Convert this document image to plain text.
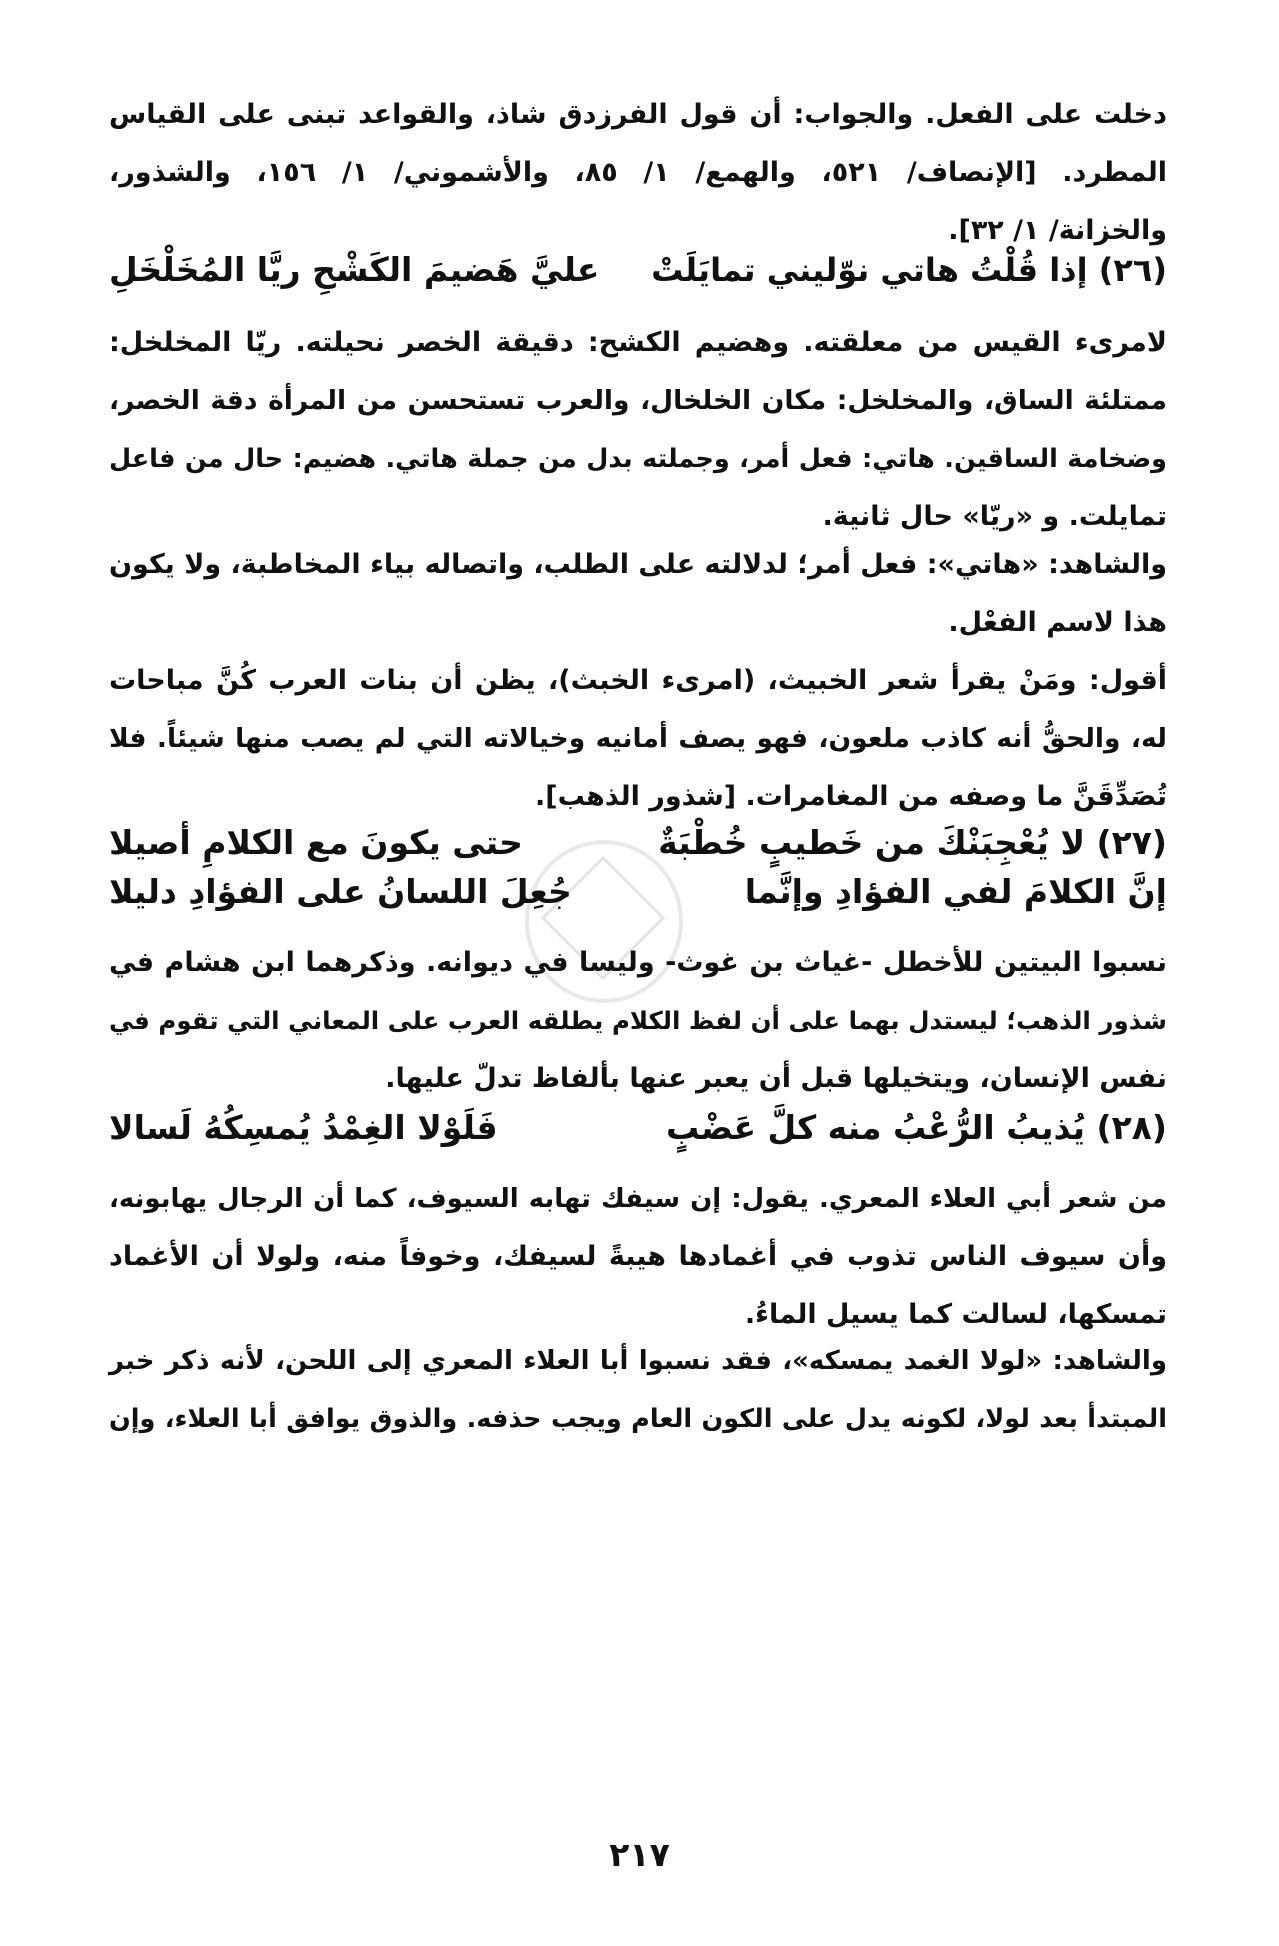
دخلت على الفعل. والجواب: أن قول الفرزدق شاذ، والقواعد تبنى على القياس
المطرد. [الإنصاف/ ٥٢١، والهمع/ ١/ ٨٥، والأشموني/ ١/ ١٥٦، والشذور،
والخزانة/ ١/ ٣٢].
(٢٦) إذا قُلْتُ هاتي نوّليني تمايَلَتْ
عليَّ هَضيمَ الكَشْحِ ريَّا المُخَلْخَلِ
لامرىء القيس من معلقته. وهضيم الكشح: دقيقة الخصر نحيلته. ريّا المخلخل:
ممتلئة الساق، والمخلخل: مكان الخلخال، والعرب تستحسن من المرأة دقة الخصر،
وضخامة الساقين. هاتي: فعل أمر، وجملته بدل من جملة هاتي. هضيم: حال من فاعل
تمايلت. و «ريّا» حال ثانية.
والشاهد: «هاتي»: فعل أمر؛ لدلالته على الطلب، واتصاله بياء المخاطبة، ولا يكون
هذا لاسم الفعْل.
أقول: ومَنْ يقرأ شعر الخبيث، (امرىء الخبث)، يظن أن بنات العرب كُنَّ مباحات
له، والحقُّ أنه كاذب ملعون، فهو يصف أمانيه وخيالاته التي لم يصب منها شيئاً. فلا
تُصَدِّقَنَّ ما وصفه من المغامرات. [شذور الذهب].
(٢٧) لا يُعْجِبَنْكَ من خَطيبٍ خُطْبَةٌ
حتى يكونَ مع الكلامِ أصيلا
إنَّ الكلامَ لفي الفؤادِ وإنَّما
جُعِلَ اللسانُ على الفؤادِ دليلا
نسبوا البيتين للأخطل -غياث بن غوث- وليسا في ديوانه. وذكرهما ابن هشام في
شذور الذهب؛ ليستدل بهما على أن لفظ الكلام يطلقه العرب على المعاني التي تقوم في
نفس الإنسان، ويتخيلها قبل أن يعبر عنها بألفاظ تدلّ عليها.
(٢٨) يُذيبُ الرُّعْبُ منه كلَّ عَضْبٍ
فَلَوْلا الغِمْدُ يُمسِكُهُ لَسالا
من شعر أبي العلاء المعري. يقول: إن سيفك تهابه السيوف، كما أن الرجال يهابونه،
وأن سيوف الناس تذوب في أغمادها هيبةً لسيفك، وخوفاً منه، ولولا أن الأغماد
تمسكها، لسالت كما يسيل الماءُ.
والشاهد: «لولا الغمد يمسكه»، فقد نسبوا أبا العلاء المعري إلى اللحن، لأنه ذكر خبر
المبتدأ بعد لولا، لكونه يدل على الكون العام ويجب حذفه. والذوق يوافق أبا العلاء، وإن
٢١٧
